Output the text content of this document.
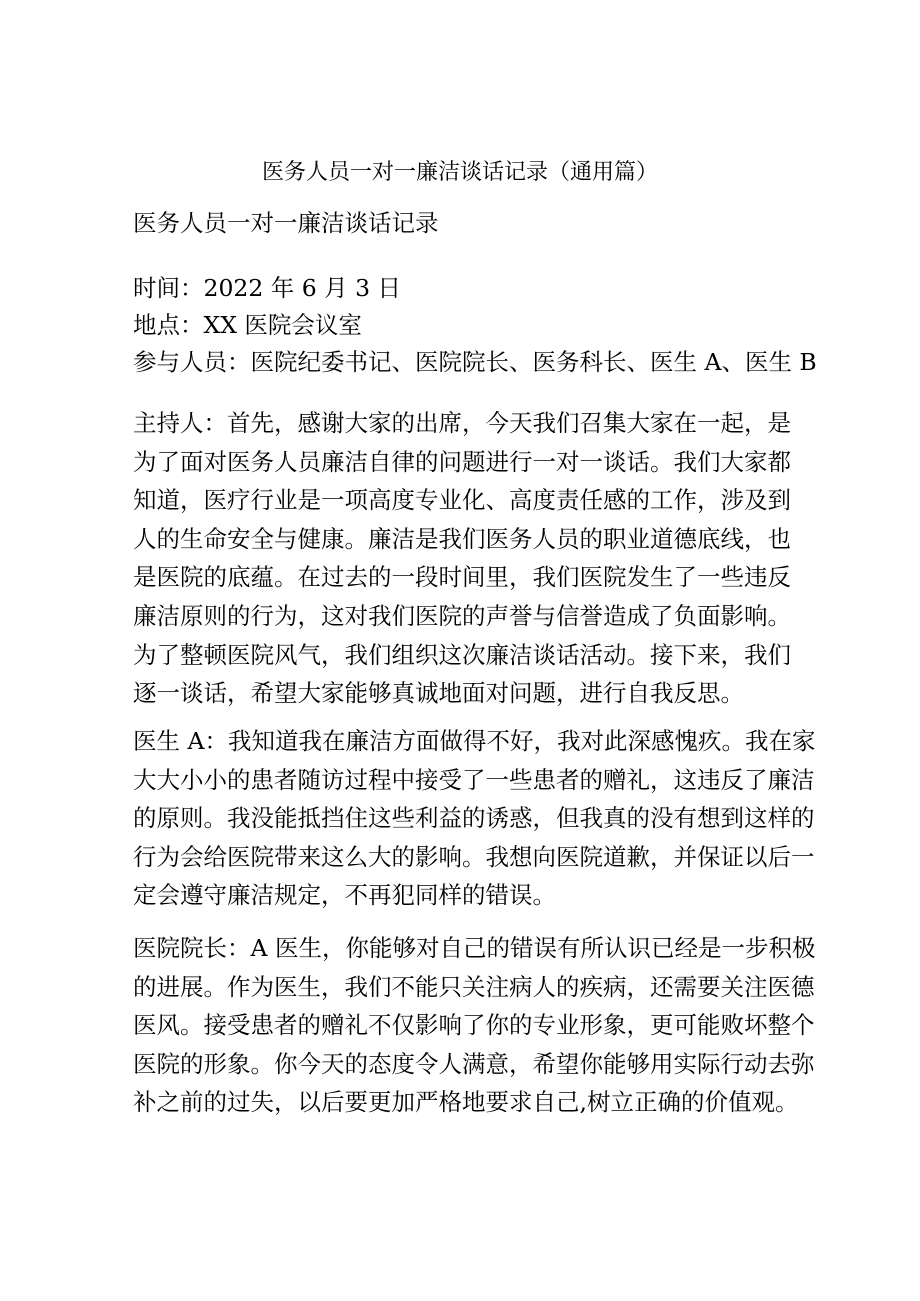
医务人员一对一廉洁谈话记录（通用篇）
医务人员一对一廉洁谈话记录
时间：2022 年 6 月 3 日
地点：XX 医院会议室
参与人员：医院纪委书记、医院院长、医务科长、医生 A、医生 B
主持人：首先，感谢大家的出席，今天我们召集大家在一起，是
为了面对医务人员廉洁自律的问题进行一对一谈话。我们大家都
知道，医疗行业是一项高度专业化、高度责任感的工作，涉及到
人的生命安全与健康。廉洁是我们医务人员的职业道德底线，也
是医院的底蕴。在过去的一段时间里，我们医院发生了一些违反
廉洁原则的行为，这对我们医院的声誉与信誉造成了负面影响。
为了整顿医院风气，我们组织这次廉洁谈话活动。接下来，我们
逐一谈话，希望大家能够真诚地面对问题，进行自我反思。
医生 A：我知道我在廉洁方面做得不好，我对此深感愧疚。我在家
大大小小的患者随访过程中接受了一些患者的赠礼，这违反了廉洁
的原则。我没能抵挡住这些利益的诱惑，但我真的没有想到这样的
行为会给医院带来这么大的影响。我想向医院道歉，并保证以后一
定会遵守廉洁规定，不再犯同样的错误。
医院院长：A 医生，你能够对自己的错误有所认识已经是一步积极
的进展。作为医生，我们不能只关注病人的疾病，还需要关注医德
医风。接受患者的赠礼不仅影响了你的专业形象，更可能败坏整个
医院的形象。你今天的态度令人满意，希望你能够用实际行动去弥
补之前的过失，以后要更加严格地要求自己,树立正确的价值观。
